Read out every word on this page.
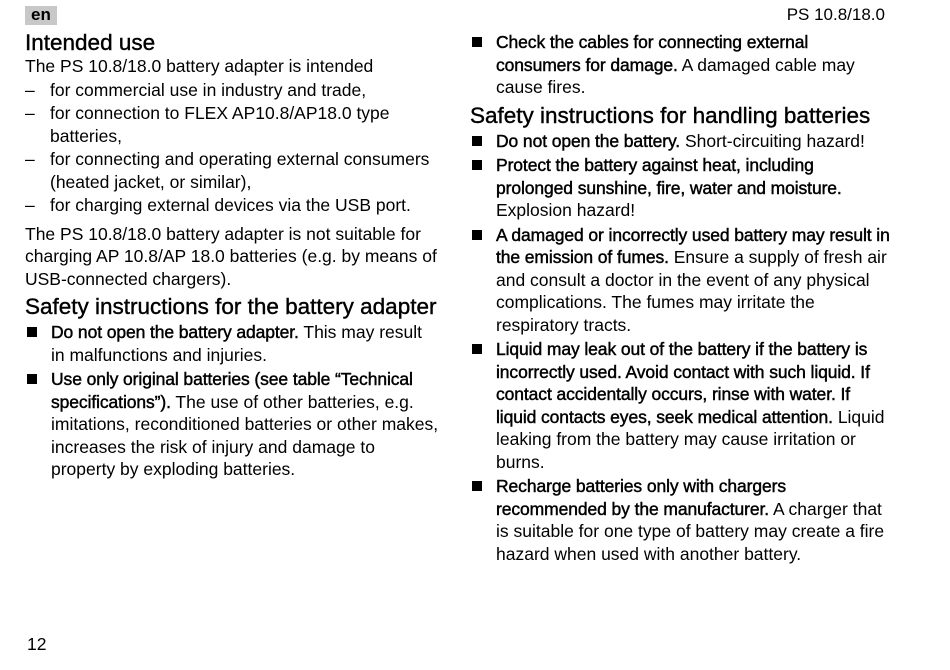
en	PS 10.8/18.0
Intended use

The PS 10.8/18.0 battery adapter is intended

– for commercial use in industry and trade,
– for connection to FLEX AP10.8/AP18.0 type batteries,
– for connecting and operating external consumers (heated jacket, or similar),
– for charging external devices via the USB port.

The PS 10.8/18.0 battery adapter is not suitable for charging AP 10.8/AP 18.0 batteries (e.g. by means of USB-connected chargers).

Safety instructions for the battery adapter
Do not open the battery adapter. This may result in malfunctions and injuries.
Use only original batteries (see table “Technical specifications”). The use of other batteries, e.g. imitations, reconditioned batteries or other makes, increases the risk of injury and damage to property by exploding batteries.
Check the cables for connecting external consumers for damage. A damaged cable may cause fires.
Safety instructions for handling batteries
Do not open the battery. Short-circuiting hazard!
Protect the battery against heat, including prolonged sunshine, fire, water and moisture. Explosion hazard!
A damaged or incorrectly used battery may result in the emission of fumes. Ensure a supply of fresh air and consult a doctor in the event of any physical complications. The fumes may irritate the respiratory tracts.
Liquid may leak out of the battery if the battery is incorrectly used. Avoid contact with such liquid. If contact accidentally occurs, rinse with water. If liquid contacts eyes, seek medical attention. Liquid leaking from the battery may cause irritation or burns.
Recharge batteries only with chargers recommended by the manufacturer. A charger that is suitable for one type of battery may create a fire hazard when used with another battery.
12
